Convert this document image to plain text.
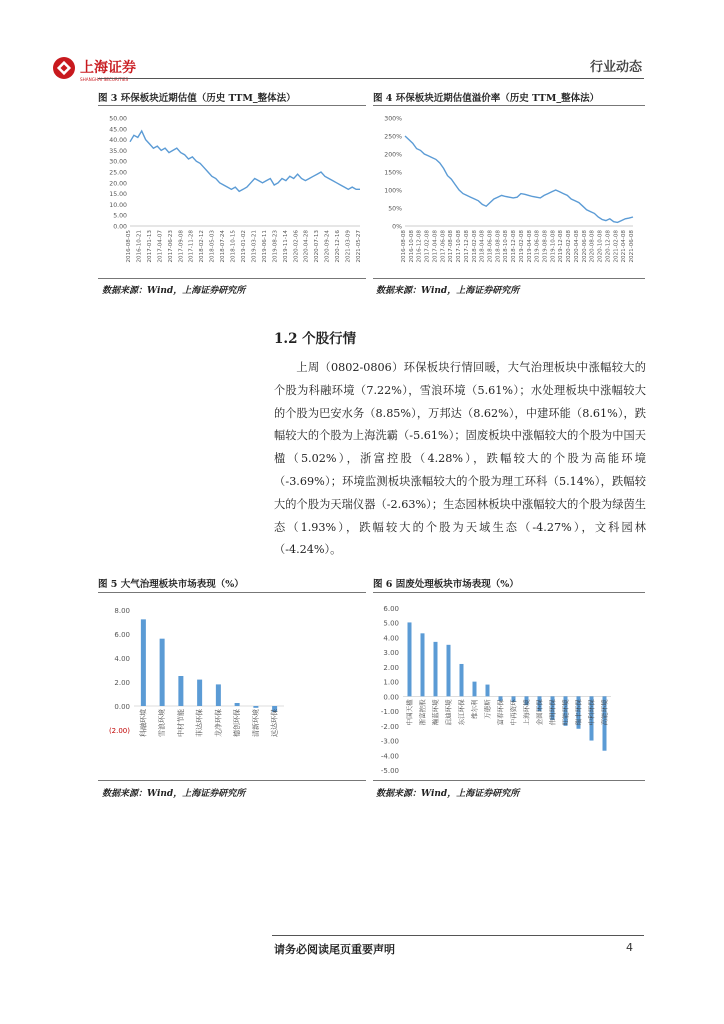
上海证券
SHANGHAI SECURITIES
行业动态
图 3 环保板块近期估值（历史 TTM_整体法）
50.00
45.00
40.00
35.00
30.00
25.00
20.00
15.00
10.00
5.00
0.00
2016-08-05 2016-10-21 2017-01-13 2017-04-07 2017-06-23 2017-09-08 2017-11-28 2018-02-12 2018-05-03 2018-07-24 2018-10-15 2019-01-02 2019-03-21 2019-06-11 2019-08-23 2019-11-14 2020-02-06 2020-04-28 2020-07-13 2020-09-24 2020-12-16 2021-03-09 2021-05-27
数据来源：Wind，上海证券研究所
图 4 环保板块近期估值溢价率（历史 TTM_整体法）
300%
250%
200%
150%
100%
50%
0%
2016-08-08 2016-10-08 2016-12-08 2017-02-08 2017-04-08 2017-06-08 2017-08-08 2017-10-08 2017-12-08 2018-02-08 2018-04-08 2018-06-08 2018-08-08 2018-10-08 2018-12-08 2019-02-08 2019-04-08 2019-06-08 2019-08-08 2019-10-08 2019-12-08 2020-02-08 2020-04-08 2020-06-08 2020-08-08 2020-10-08 2020-12-08 2021-02-08 2021-04-08 2021-06-08
数据来源：Wind，上海证券研究所
1.2 个股行情
上周（0802-0806）环保板块行情回暖，大气治理板块中涨幅较大的个股为科融环境（7.22%），雪浪环境（5.61%）；水处理板块中涨幅较大的个股为巴安水务（8.85%），万邦达（8.62%），中建环能（8.61%），跌幅较大的个股为上海洗霸（-5.61%）；固废板块中涨幅较大的个股为中国天楹（5.02%），浙富控股（4.28%），跌幅较大的个股为高能环境（-3.69%）；环境监测板块涨幅较大的个股为理工环科（5.14%），跌幅较大的个股为天瑞仪器（-2.63%）；生态园林板块中涨幅较大的个股为绿茵生态（1.93%），跌幅较大的个股为天域生态（-4.27%），文科园林（-4.24%）。
图 5 大气治理板块市场表现（%）
8.00
6.00
4.00
2.00
0.00
(2.00) 科融环境 雪浪环境 中材节能 菲达环保 龙净环保 德创环保 清新环境 远达环保
数据来源：Wind，上海证券研究所
图 6 固废处理板块市场表现（%）
6.00
5.00
4.00
3.00
2.00
1.00
0.00
-1.00
-2.00
-3.00
-4.00
-5.00
中国天楹 浙富控股 瀚蓝环境 启迪环境 东江环保 维尔利 万德斯 富春环保 中再资环 上海环境 金圆环保 伟明环保 旺能环境 瑞丰环保 中科环保 高能环境
数据来源：Wind，上海证券研究所
请务必阅读尾页重要声明	4
